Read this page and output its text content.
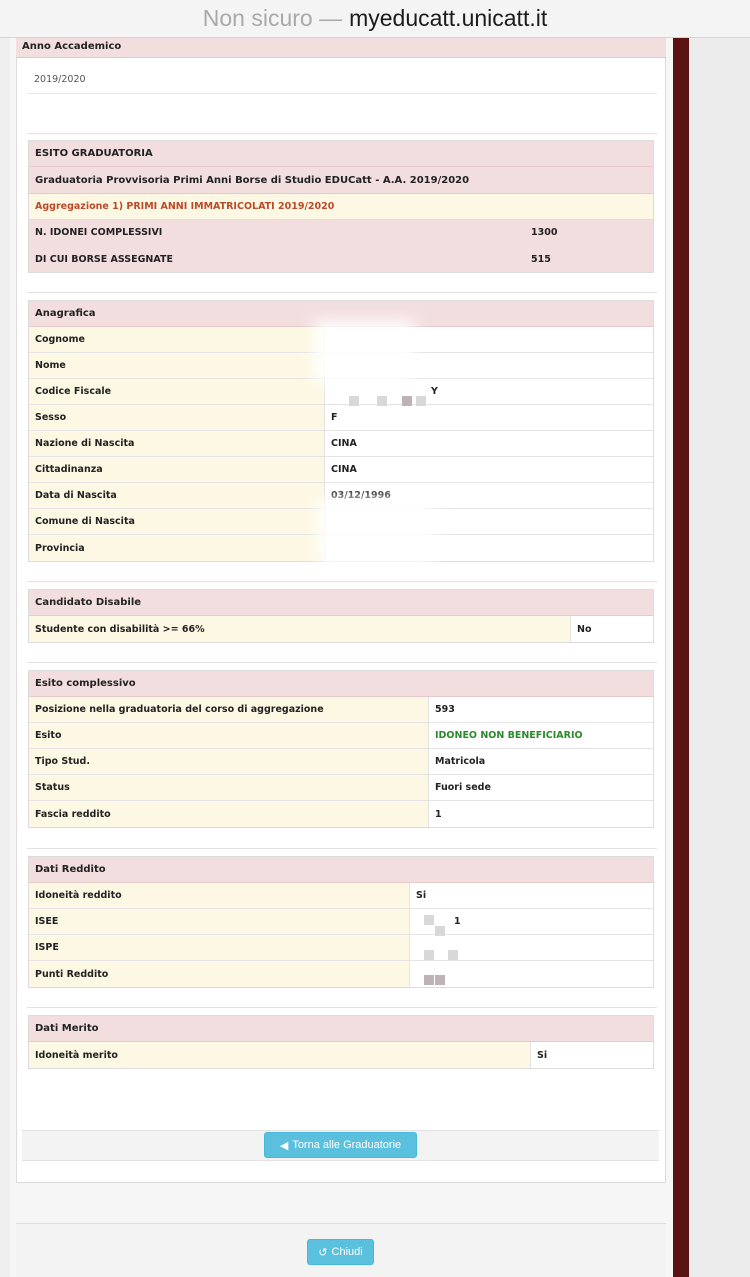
Non sicuro — myeducatt.unicatt.it
Anno Accademico
2019/2020
ESITO GRADUATORIA
Graduatoria Provvisoria Primi Anni Borse di Studio EDUCatt - A.A. 2019/2020
Aggregazione 1) PRIMI ANNI IMMATRICOLATI 2019/2020
N. IDONEI COMPLESSIVI	1300
DI CUI BORSE ASSEGNATE	515
Anagrafica
Cognome
Nome
Codice Fiscale	Y
Sesso	F
Nazione di Nascita	CINA
Cittadinanza	CINA
Data di Nascita	03/12/1996
Comune di Nascita
Provincia
Candidato Disabile
Studente con disabilità >= 66%	No
Esito complessivo
Posizione nella graduatoria del corso di aggregazione	593
Esito	IDONEO NON BENEFICIARIO
Tipo Stud.	Matricola
Status	Fuori sede
Fascia reddito	1
Dati Reddito
Idoneità reddito	Si
ISEE	1
ISPE
Punti Reddito
Dati Merito
Idoneità merito	Si
◀ Torna alle Graduatorie
↺ Chiudi
